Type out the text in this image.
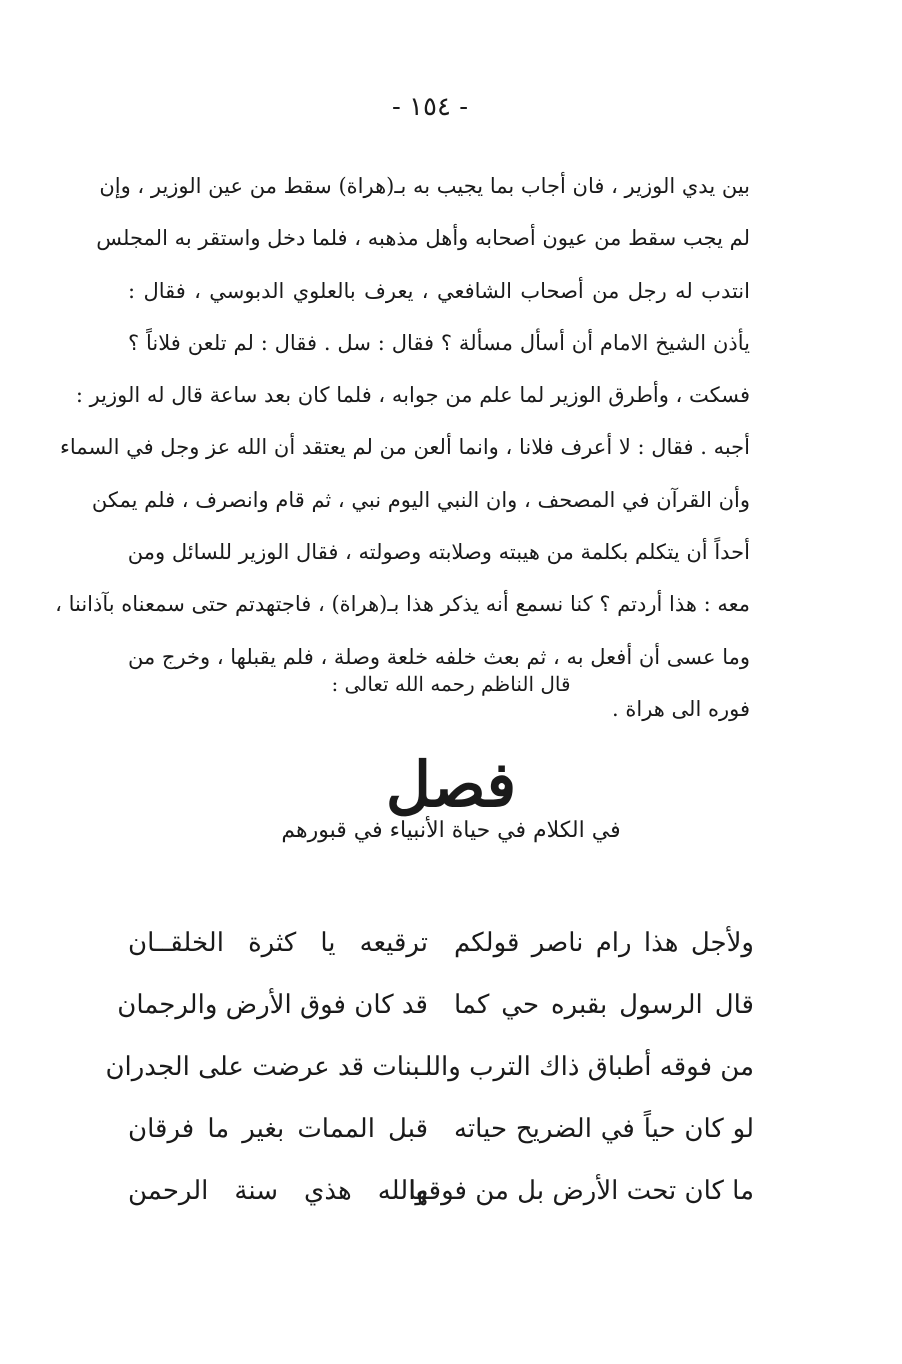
- ١٥٤ -
بين يدي الوزير ، فان أجاب بما يجيب به بـ(هراة) سقط من عين الوزير ، وإن
لم يجب سقط من عيون أصحابه وأهل مذهبه ، فلما دخل واستقر به المجلس
انتدب له رجل من أصحاب الشافعي ، يعرف بالعلوي الدبوسي ، فقال :
يأذن الشيخ الامام أن أسأل مسألة ؟ فقال : سل . فقال : لم تلعن فلاناً ؟
فسكت ، وأطرق الوزير لما علم من جوابه ، فلما كان بعد ساعة قال له الوزير :
أجبه . فقال : لا أعرف فلانا ، وانما ألعن من لم يعتقد أن الله عز وجل في السماء
وأن القرآن في المصحف ، وان النبي اليوم نبي ، ثم قام وانصرف ، فلم يمكن
أحداً أن يتكلم بكلمة من هيبته وصلابته وصولته ، فقال الوزير للسائل ومن
معه : هذا أردتم ؟ كنا نسمع أنه يذكر هذا بـ(هراة) ، فاجتهدتم حتى سمعناه بآذاننا ،
وما عسى أن أفعل به ، ثم بعث خلفه خلعة وصلة ، فلم يقبلها ، وخرج من
فوره الى هراة .
قال الناظم رحمه الله تعالى :
فصل
في الكلام في حياة الأنبياء في قبورهم
ولأجل هذا رام ناصر قولكم
ترقيعه يا كثرة الخلقــان
قال الرسول بقبره حي كما
قد كان فوق الأرض والرجمان
من فوقه أطباق ذاك الترب واللـ
ـبنات قد عرضت على الجدران
لو كان حياً في الضريح حياته
قبل الممات بغير ما فرقان
ما كان تحت الأرض بل من فوقها
والله هذي سنة الرحمن
